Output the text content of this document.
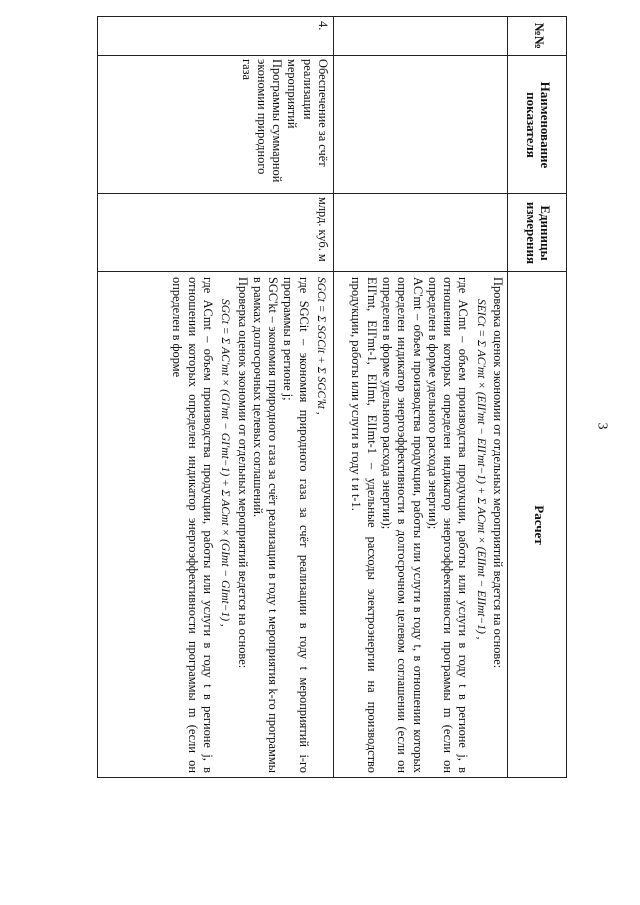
3
№№
Наименование показателя
Единицы измерения
Расчет
Проверка оценок экономии от отдельных мероприятий ведется на основе:
SEICt = Σ AC'mt × (EII'mt − EII'mt−1) + Σ ACmt × (EIImt − EIImt−1) ,
где ACmt – объем производства продукции, работы или услуги в году t в регионе j, в отношении которых определен индикатор энергоэффективности программы m (если он определен в форме удельного расхода энергии);
AC'mt – объем производства продукции, работы или услуги в году t, в отношении которых определен индикатор энергоэффективности в долгосрочном целевом соглашении (если он определен в форме удельного расхода энергии);
EII'mt, EII'mt-1, EIImt, EIImt-1 – удельные расходы электроэнергии на производство продукции, работы или услуги в году t и t-1.
4.
Обеспечение за счёт реализации мероприятий Программы суммарной экономии природного газа
млрд. куб. м
SGCt = Σ SGCit + Σ SGC'kt ,
где SGCit – экономия природного газа за счёт реализации в году t мероприятий i-го программы в регионе j;
SGC'kt – экономия природного газа за счёт реализации в году t мероприятия k-го программы в рамках долгосрочных целевых соглашений.
Проверка оценок экономии от отдельных мероприятий ведется на основе:
SGCt = Σ AC'mt × (GI'mt − GI'mt−1) + Σ ACmt × (GImt − GImt−1) ,
где ACmt – объем производства продукции, работы или услуги в году t в регионе j, в отношении которых определен индикатор энергоэффективности программы m (если он определен в форме
